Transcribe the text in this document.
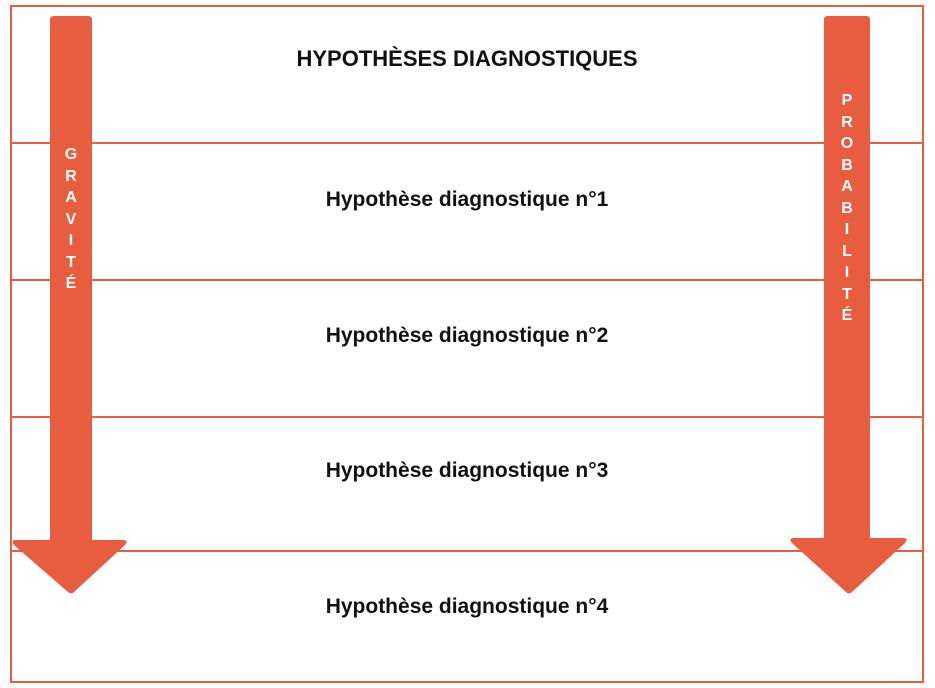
HYPOTHÈSES DIAGNOSTIQUES
Hypothèse diagnostique n°1
Hypothèse diagnostique n°2
Hypothèse diagnostique n°3
Hypothèse diagnostique n°4
G
R
A
V
I
T
É
P
R
O
B
A
B
I
L
I
T
É
